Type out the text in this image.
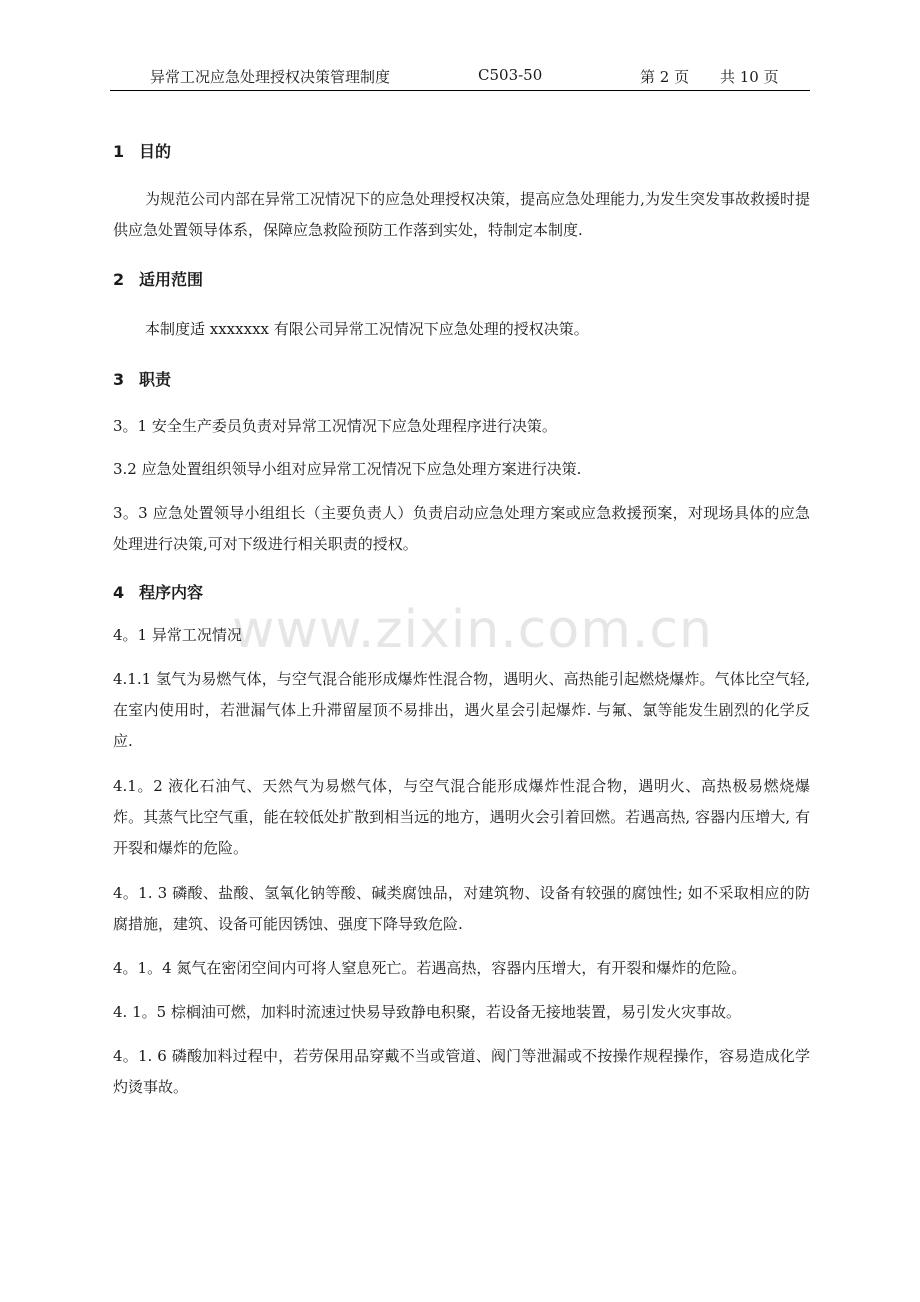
异常工况应急处理授权决策管理制度	C503-50	第 2 页 共 10 页
www.zixin.com.cn
1 目的

为规范公司内部在异常工况情况下的应急处理授权决策，提高应急处理能力,为发生突发事故救援时提供应急处置领导体系，保障应急救险预防工作落到实处，特制定本制度.

2 适用范围

本制度适 xxxxxxx 有限公司异常工况情况下应急处理的授权决策。

3 职责

3。1 安全生产委员负责对异常工况情况下应急处理程序进行决策。

3.2 应急处置组织领导小组对应异常工况情况下应急处理方案进行决策.

3。3 应急处置领导小组组长（主要负责人）负责启动应急处理方案或应急救援预案，对现场具体的应急处理进行决策,可对下级进行相关职责的授权。

4 程序内容

4。1 异常工况情况

4.1.1 氢气为易燃气体，与空气混合能形成爆炸性混合物，遇明火、高热能引起燃烧爆炸。气体比空气轻, 在室内使用时，若泄漏气体上升滞留屋顶不易排出，遇火星会引起爆炸. 与氟、氯等能发生剧烈的化学反应.

4.1。2 液化石油气、天然气为易燃气体，与空气混合能形成爆炸性混合物，遇明火、高热极易燃烧爆炸。其蒸气比空气重，能在较低处扩散到相当远的地方，遇明火会引着回燃。若遇高热, 容器内压增大, 有开裂和爆炸的危险。

4。1. 3 磷酸、盐酸、氢氧化钠等酸、碱类腐蚀品，对建筑物、设备有较强的腐蚀性; 如不采取相应的防腐措施，建筑、设备可能因锈蚀、强度下降导致危险.

4。1。4 氮气在密闭空间内可将人窒息死亡。若遇高热，容器内压增大，有开裂和爆炸的危险。

4. 1。5 棕榈油可燃，加料时流速过快易导致静电积聚，若设备无接地装置，易引发火灾事故。

4。1. 6 磷酸加料过程中，若劳保用品穿戴不当或管道、阀门等泄漏或不按操作规程操作，容易造成化学灼烫事故。
